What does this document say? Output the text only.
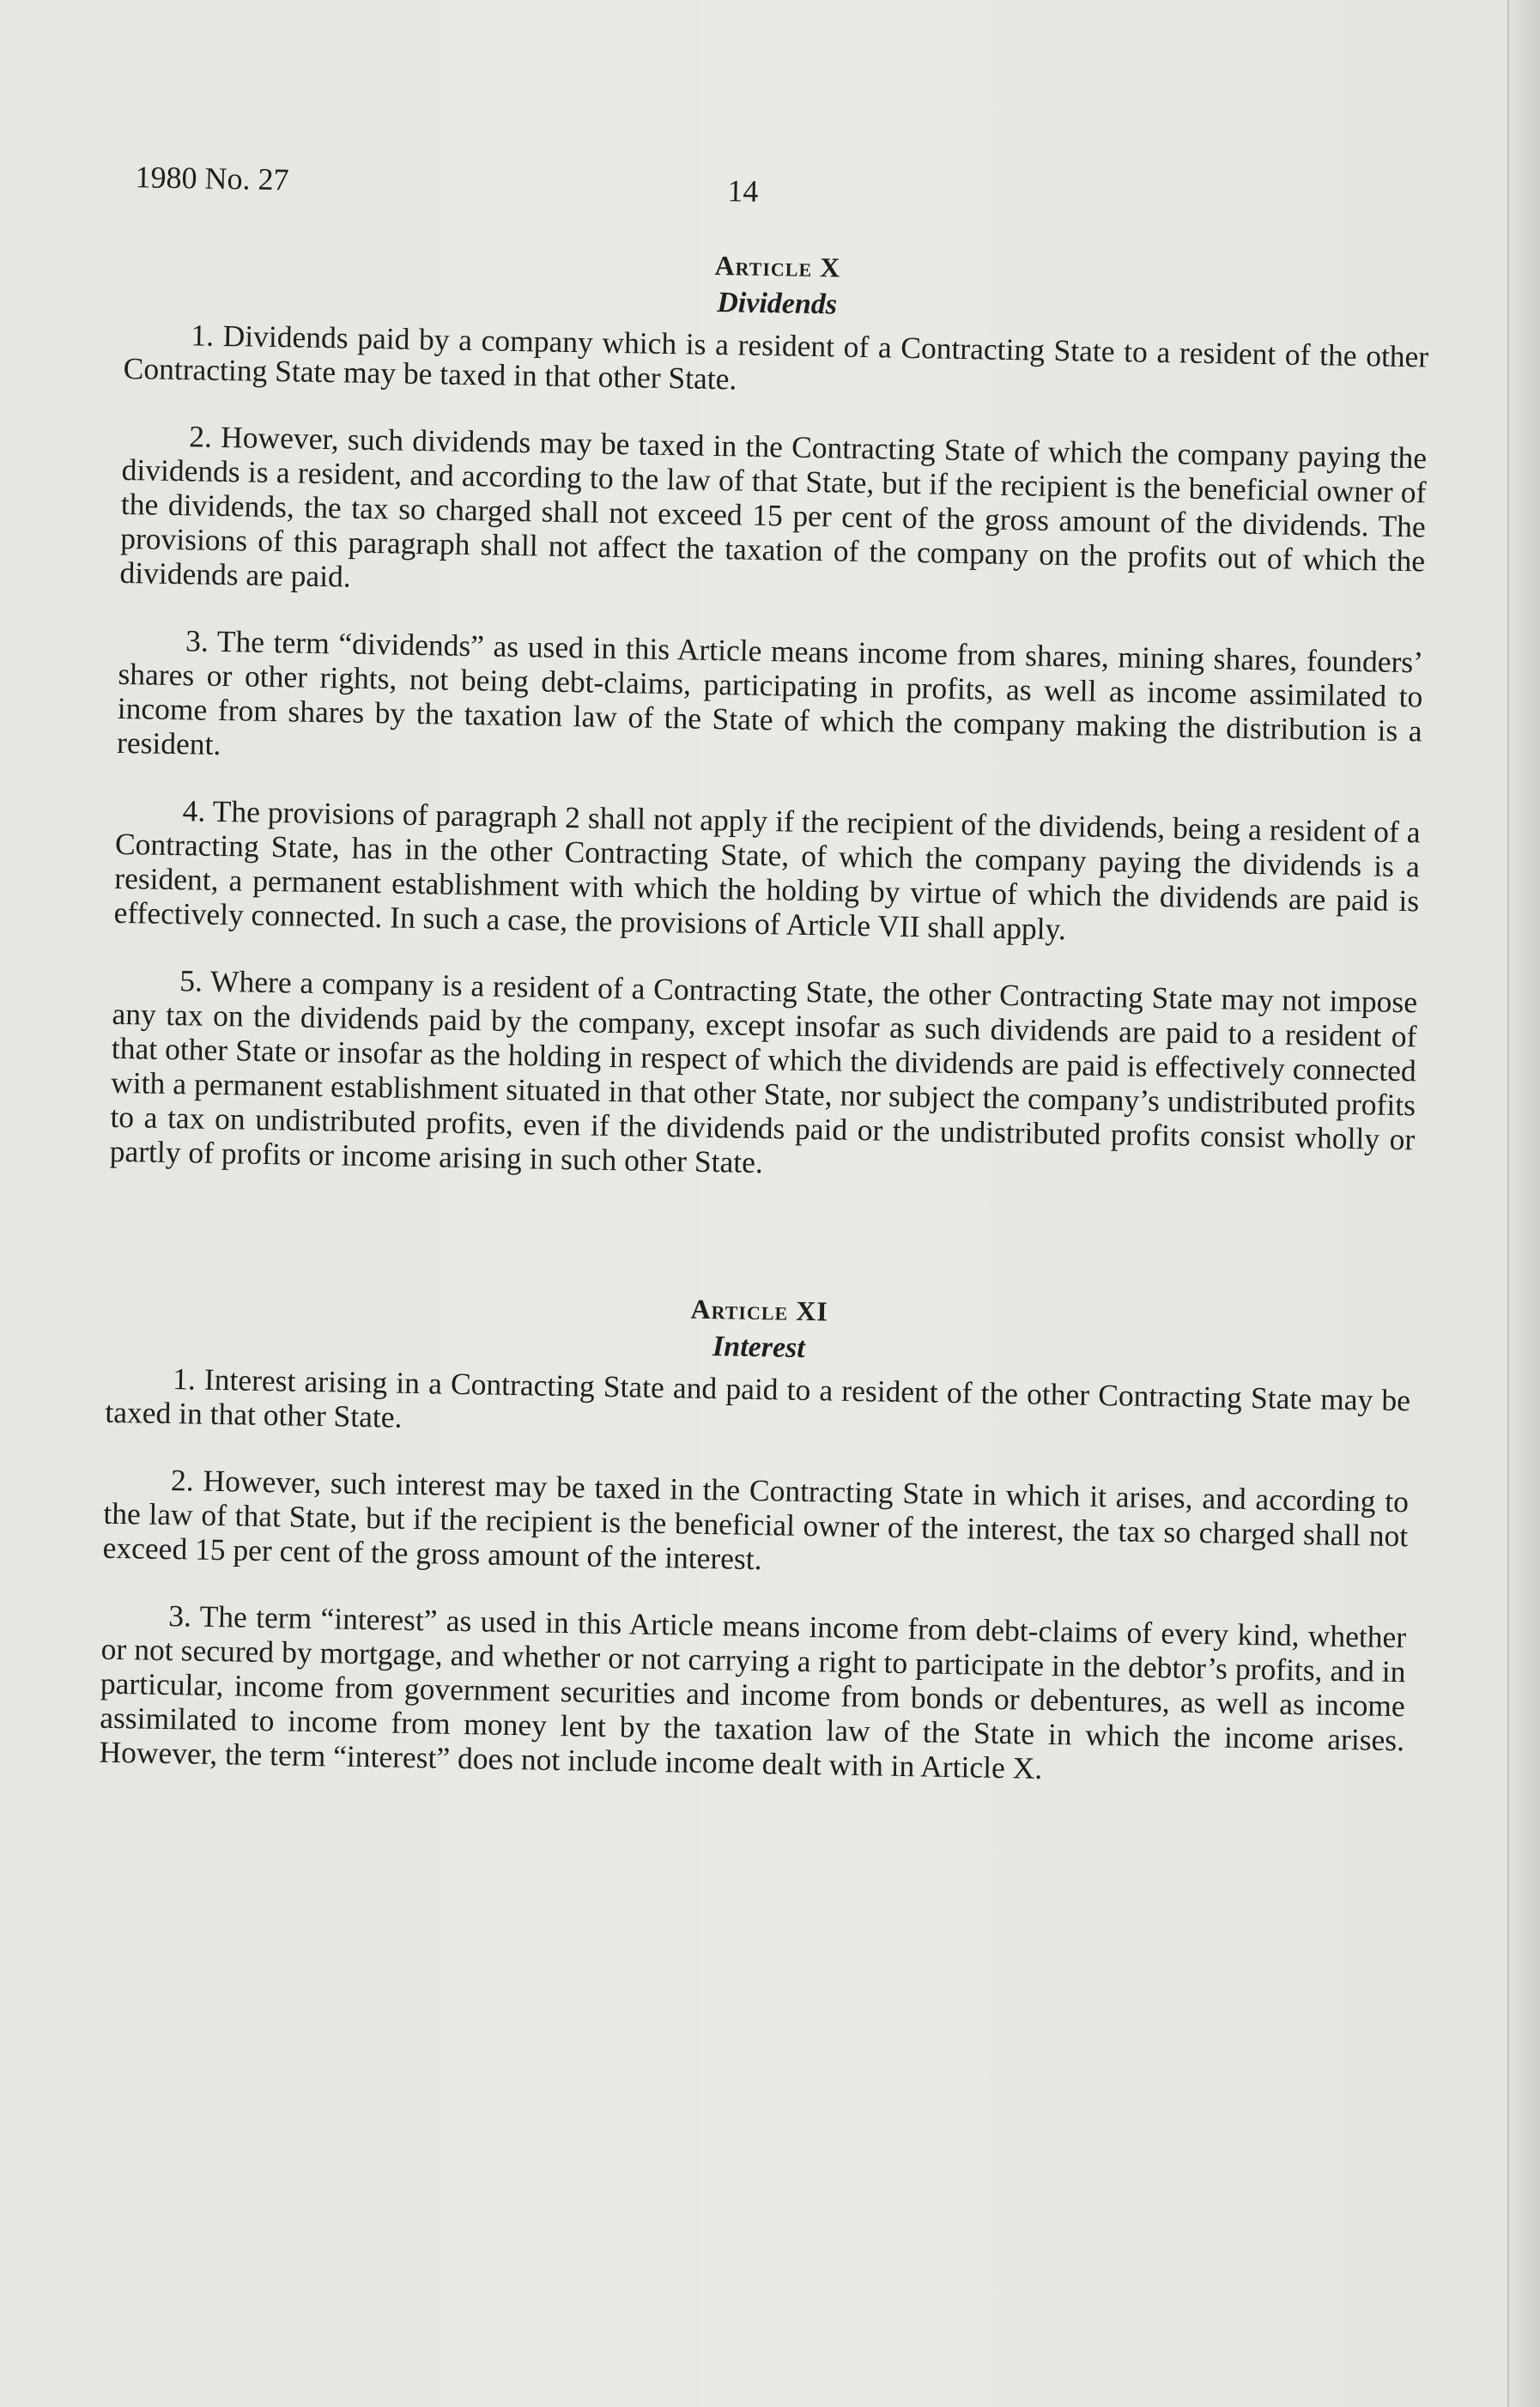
1980 No. 27	14
Article X
Dividends

1. Dividends paid by a company which is a resident of a Contracting State to a resident of the other Contracting State may be taxed in that other State.

2. However, such dividends may be taxed in the Contracting State of which the company paying the dividends is a resident, and according to the law of that State, but if the recipient is the beneficial owner of the dividends, the tax so charged shall not exceed 15 per cent of the gross amount of the dividends. The provisions of this paragraph shall not affect the taxation of the company on the profits out of which the dividends are paid.

3. The term “dividends” as used in this Article means income from shares, mining shares, founders’ shares or other rights, not being debt-claims, participating in profits, as well as income assimilated to income from shares by the taxation law of the State of which the company making the distribution is a resident.

4. The provisions of paragraph 2 shall not apply if the recipient of the dividends, being a resident of a Contracting State, has in the other Contracting State, of which the company paying the dividends is a resident, a permanent establishment with which the holding by virtue of which the dividends are paid is effectively connected. In such a case, the provisions of Article VII shall apply.

5. Where a company is a resident of a Contracting State, the other Contracting State may not impose any tax on the dividends paid by the company, except insofar as such dividends are paid to a resident of that other State or insofar as the holding in respect of which the dividends are paid is effectively connected with a permanent establishment situated in that other State, nor subject the company’s undistributed profits to a tax on undistributed profits, even if the dividends paid or the undistributed profits consist wholly or partly of profits or income arising in such other State.

Article XI
Interest

1. Interest arising in a Contracting State and paid to a resident of the other Contracting State may be taxed in that other State.

2. However, such interest may be taxed in the Contracting State in which it arises, and according to the law of that State, but if the recipient is the beneficial owner of the interest, the tax so charged shall not exceed 15 per cent of the gross amount of the interest.

3. The term “interest” as used in this Article means income from debt-claims of every kind, whether or not secured by mortgage, and whether or not carrying a right to participate in the debtor’s profits, and in particular, income from government securities and income from bonds or debentures, as well as income assimilated to income from money lent by the taxation law of the State in which the income arises. However, the term “interest” does not include income dealt with in Article X.
